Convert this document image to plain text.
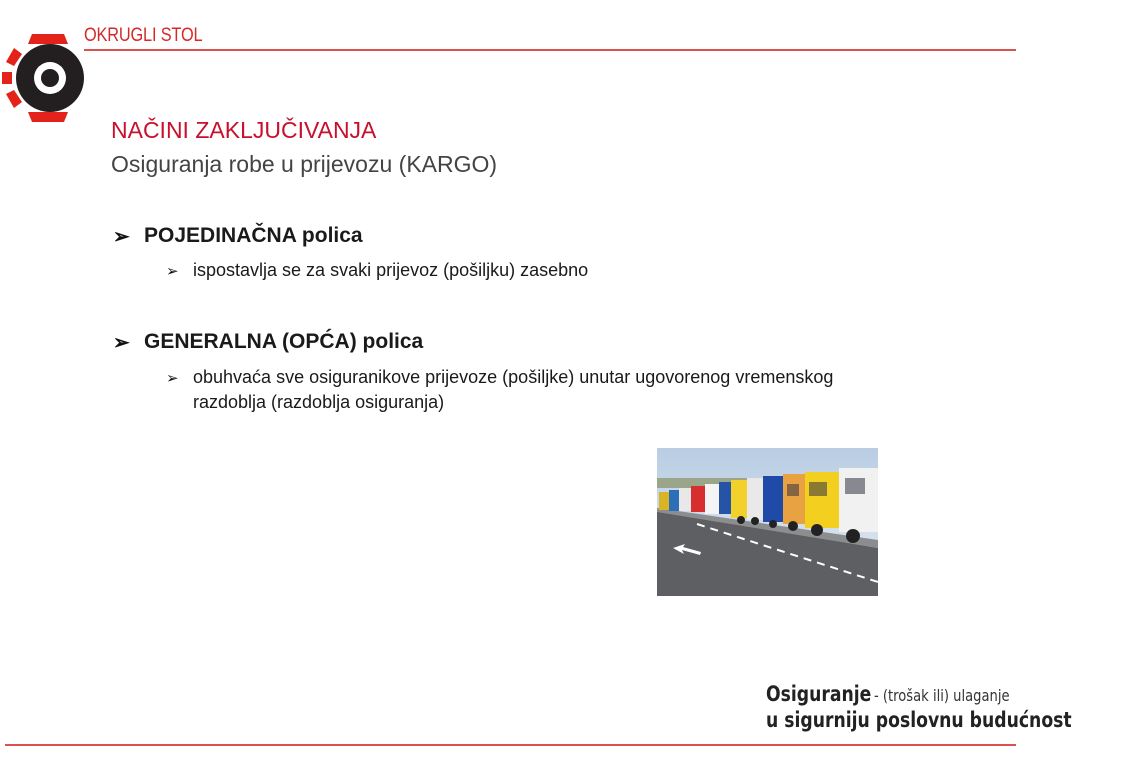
OKRUGLI STOL
NAČINI ZAKLJUČIVANJA
Osiguranja robe u prijevozu (KARGO)
➢ POJEDINAČNA polica
➢ ispostavlja se za svaki prijevoz (pošiljku) zasebno
➢ GENERALNA (OPĆA) polica
➢ obuhvaća sve osiguranikove prijevoze (pošiljke) unutar ugovorenog vremenskog razdoblja (razdoblja osiguranja)
Osiguranje- (trošak ili) ulaganje
u sigurniju poslovnu budućnost
